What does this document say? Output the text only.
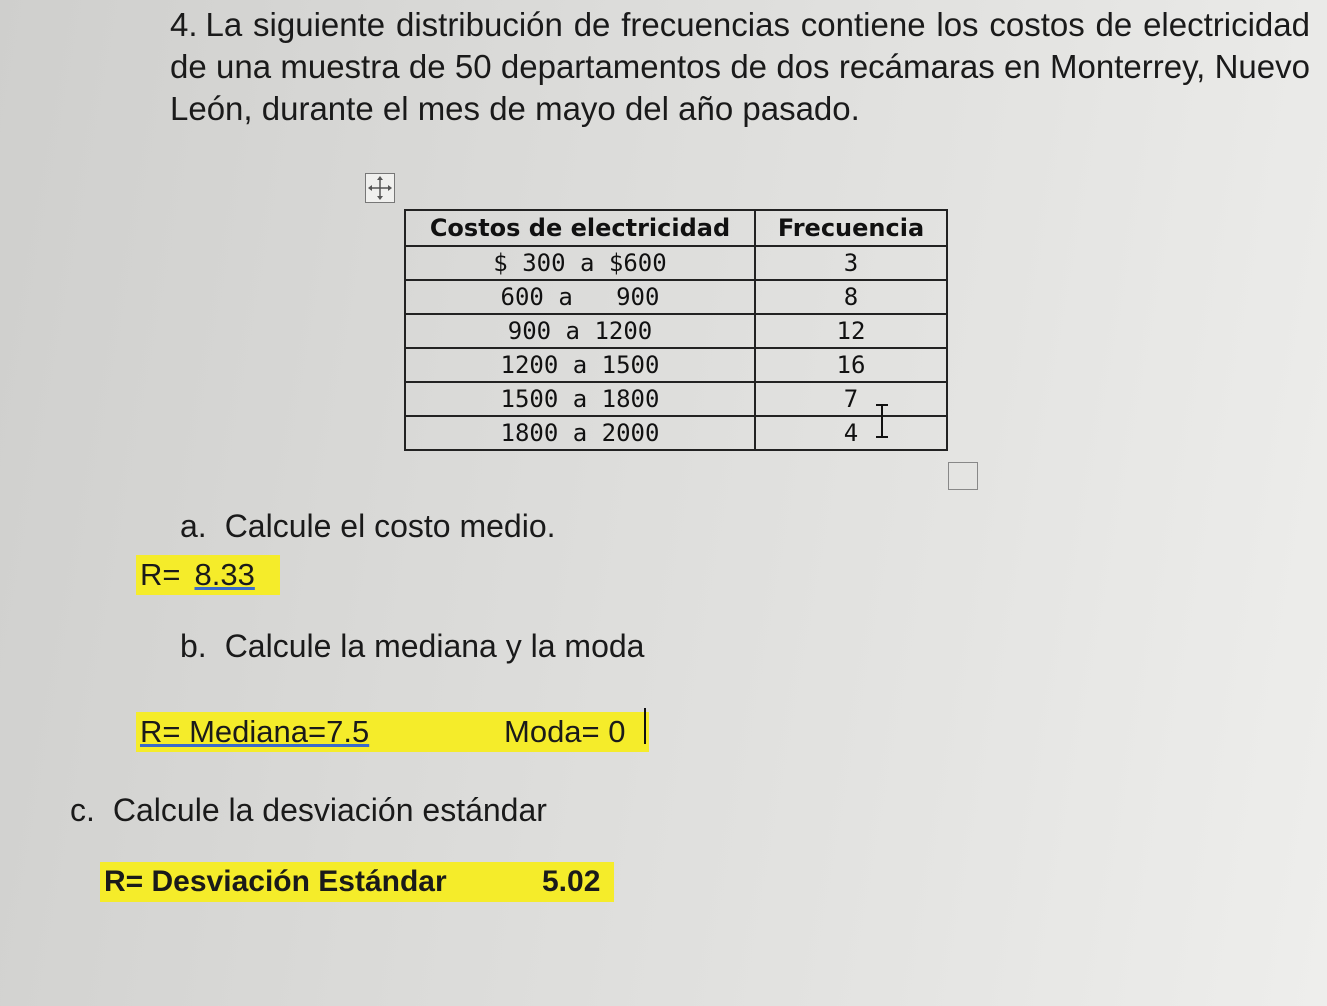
4. La siguiente distribución de frecuencias contiene los costos de electricidad de una muestra de 50 departamentos de dos recámaras en Monterrey, Nuevo León, durante el mes de mayo del año pasado.
Costos de electricidad	Frecuencia
$ 300 a $600	3
600 a   900	8
900 a 1200	12
1200 a 1500	16
1500 a 1800	7
1800 a 2000	4
a. Calcule el costo medio.
R= 8.33
b. Calcule la mediana y la moda
R= Mediana=7.5	Moda= 0
c. Calcule la desviación estándar
R= Desviación Estándar	5.02
